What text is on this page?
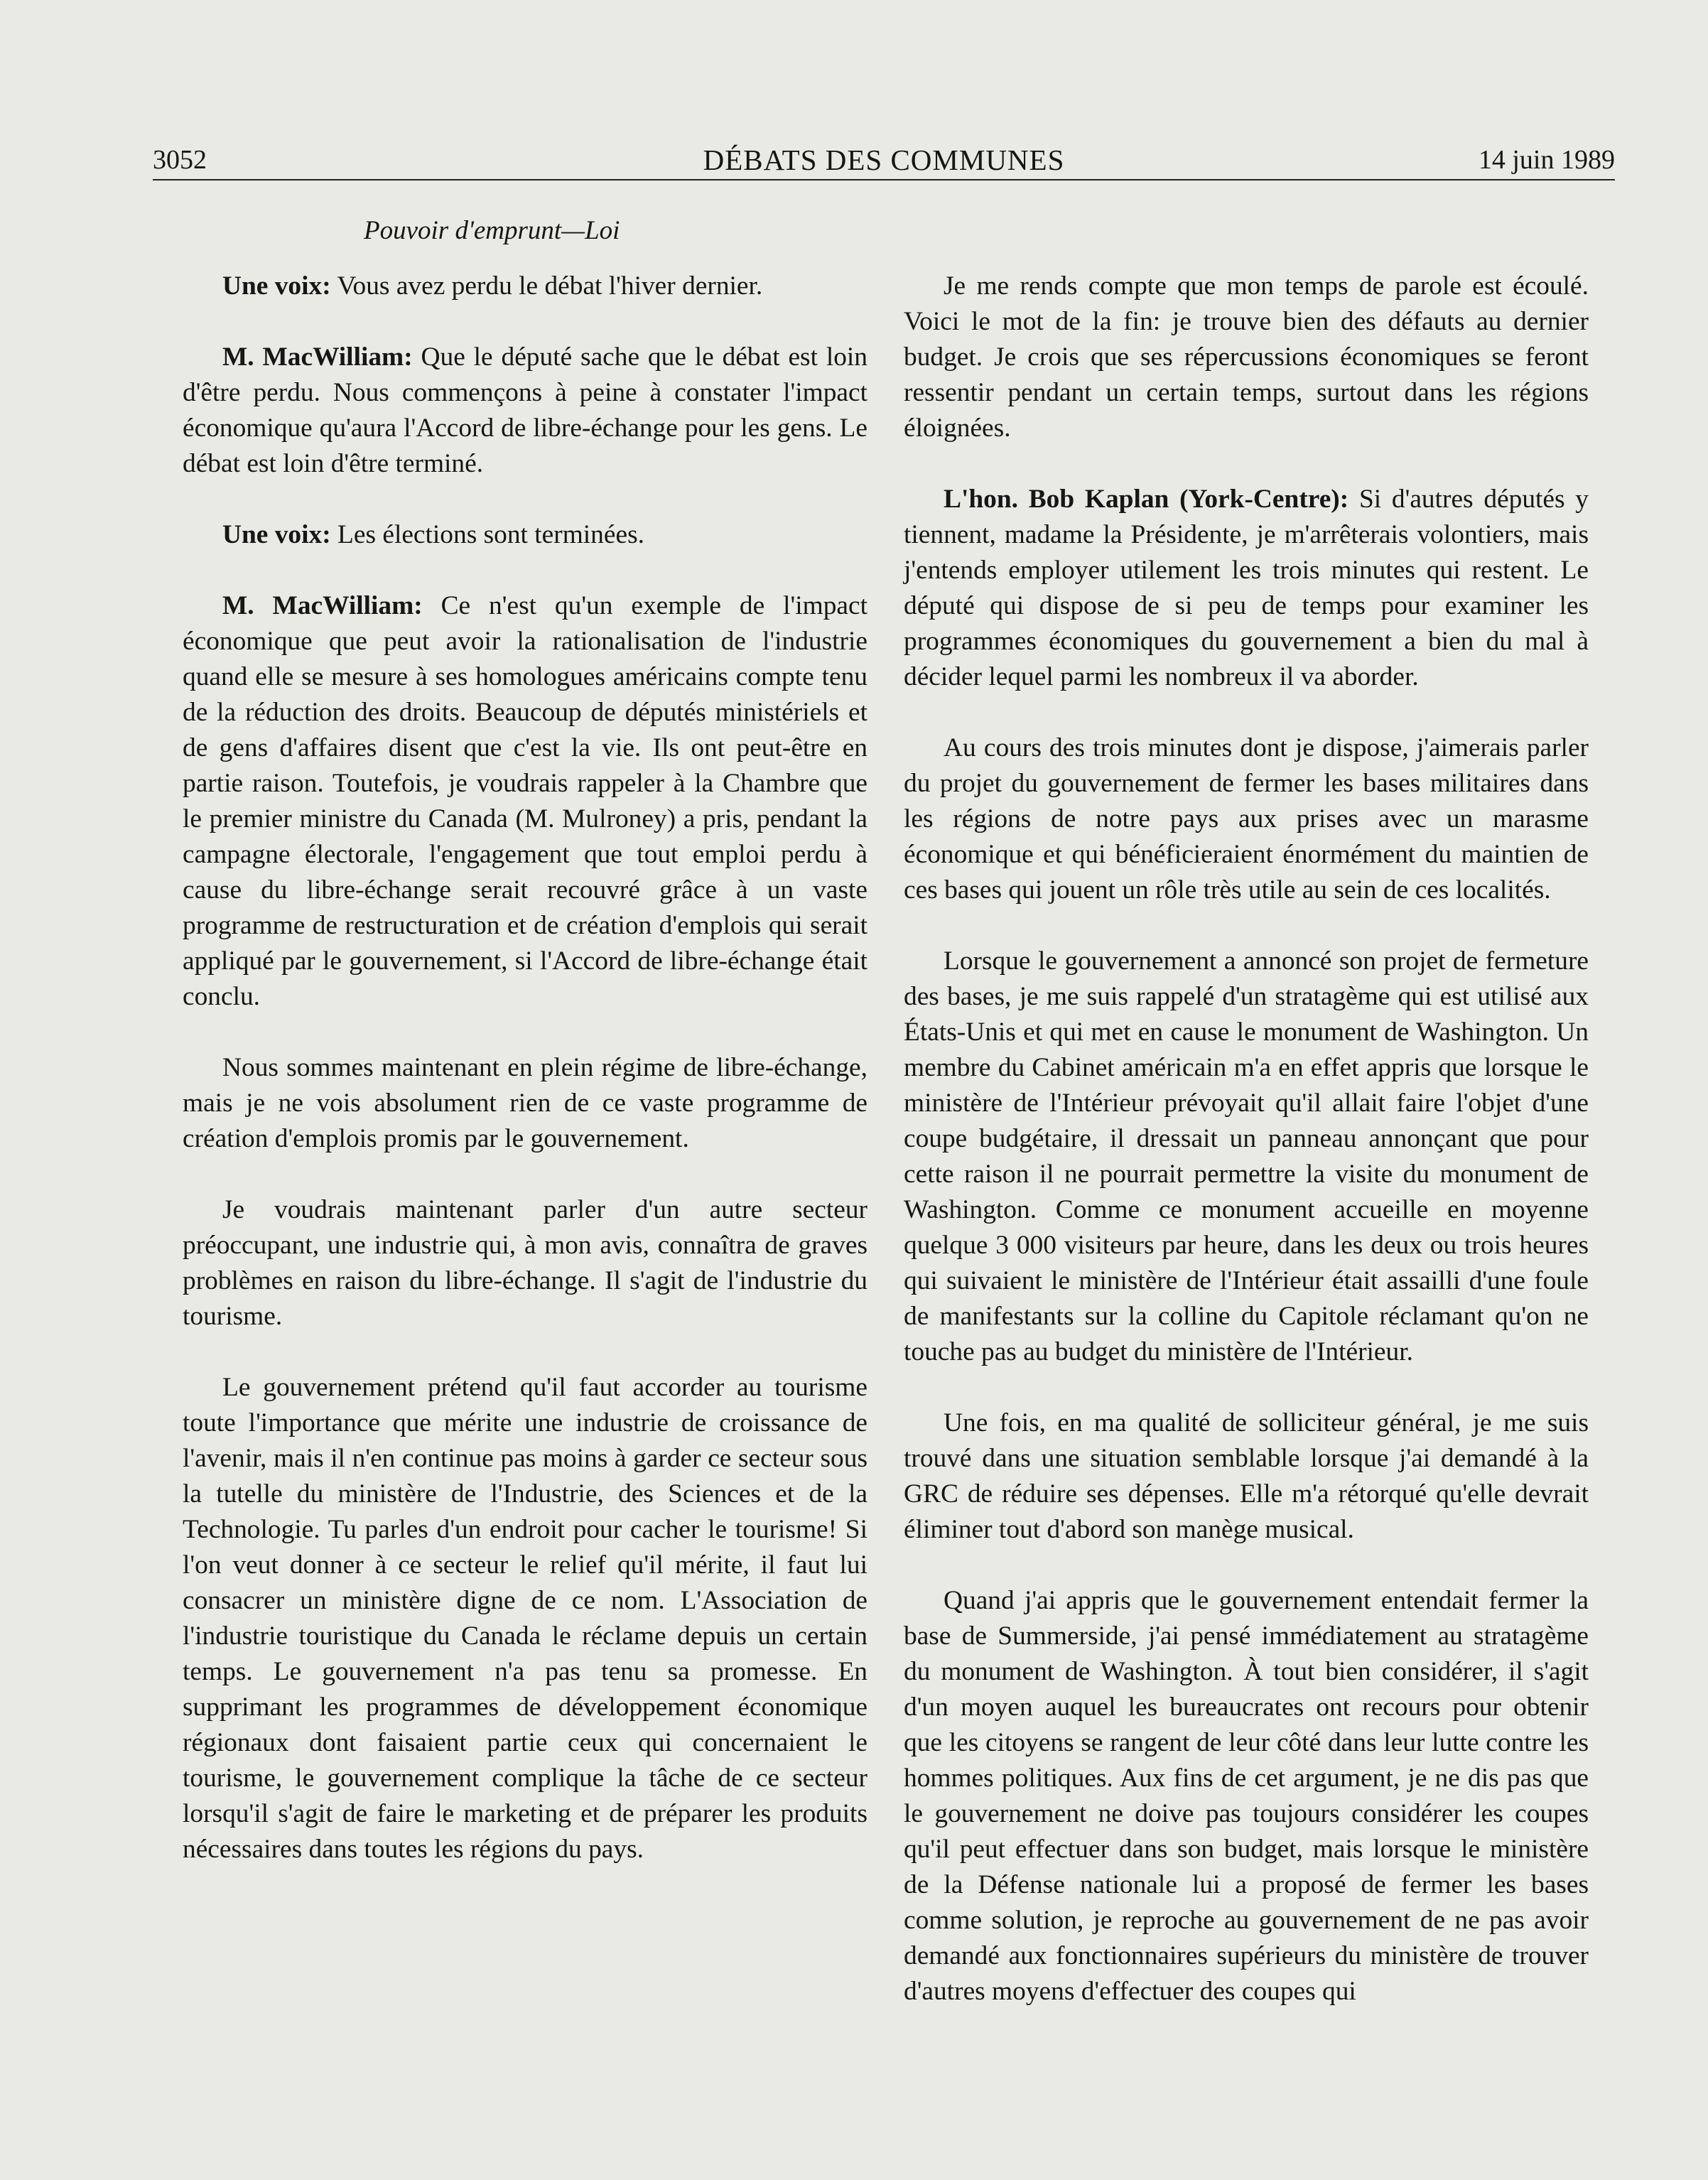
3052	DÉBATS DES COMMUNES	14 juin 1989
Pouvoir d'emprunt—Loi

Une voix: Vous avez perdu le débat l'hiver dernier.

M. MacWilliam: Que le député sache que le débat est loin d'être perdu. Nous commençons à peine à constater l'impact économique qu'aura l'Accord de libre-échange pour les gens. Le débat est loin d'être terminé.

Une voix: Les élections sont terminées.

M. MacWilliam: Ce n'est qu'un exemple de l'impact économique que peut avoir la rationalisation de l'industrie quand elle se mesure à ses homologues américains compte tenu de la réduction des droits. Beaucoup de députés ministériels et de gens d'affaires disent que c'est la vie. Ils ont peut-être en partie raison. Toutefois, je voudrais rappeler à la Chambre que le premier ministre du Canada (M. Mulroney) a pris, pendant la campagne électorale, l'engagement que tout emploi perdu à cause du libre-échange serait recouvré grâce à un vaste programme de restructuration et de création d'emplois qui serait appliqué par le gouvernement, si l'Accord de libre-échange était conclu.

Nous sommes maintenant en plein régime de libre-échange, mais je ne vois absolument rien de ce vaste programme de création d'emplois promis par le gouvernement.

Je voudrais maintenant parler d'un autre secteur préoccupant, une industrie qui, à mon avis, connaîtra de graves problèmes en raison du libre-échange. Il s'agit de l'industrie du tourisme.

Le gouvernement prétend qu'il faut accorder au tourisme toute l'importance que mérite une industrie de croissance de l'avenir, mais il n'en continue pas moins à garder ce secteur sous la tutelle du ministère de l'Industrie, des Sciences et de la Technologie. Tu parles d'un endroit pour cacher le tourisme! Si l'on veut donner à ce secteur le relief qu'il mérite, il faut lui consacrer un ministère digne de ce nom. L'Association de l'industrie touristique du Canada le réclame depuis un certain temps. Le gouvernement n'a pas tenu sa promesse. En supprimant les programmes de développement économique régionaux dont faisaient partie ceux qui concernaient le tourisme, le gouvernement complique la tâche de ce secteur lorsqu'il s'agit de faire le marketing et de préparer les produits nécessaires dans toutes les régions du pays.

Je me rends compte que mon temps de parole est écoulé. Voici le mot de la fin: je trouve bien des défauts au dernier budget. Je crois que ses répercussions économiques se feront ressentir pendant un certain temps, surtout dans les régions éloignées.

L'hon. Bob Kaplan (York-Centre): Si d'autres députés y tiennent, madame la Présidente, je m'arrêterais volontiers, mais j'entends employer utilement les trois minutes qui restent. Le député qui dispose de si peu de temps pour examiner les programmes économiques du gouvernement a bien du mal à décider lequel parmi les nombreux il va aborder.

Au cours des trois minutes dont je dispose, j'aimerais parler du projet du gouvernement de fermer les bases militaires dans les régions de notre pays aux prises avec un marasme économique et qui bénéficieraient énormément du maintien de ces bases qui jouent un rôle très utile au sein de ces localités.

Lorsque le gouvernement a annoncé son projet de fermeture des bases, je me suis rappelé d'un stratagème qui est utilisé aux États-Unis et qui met en cause le monument de Washington. Un membre du Cabinet américain m'a en effet appris que lorsque le ministère de l'Intérieur prévoyait qu'il allait faire l'objet d'une coupe budgétaire, il dressait un panneau annonçant que pour cette raison il ne pourrait permettre la visite du monument de Washington. Comme ce monument accueille en moyenne quelque 3 000 visiteurs par heure, dans les deux ou trois heures qui suivaient le ministère de l'Intérieur était assailli d'une foule de manifestants sur la colline du Capitole réclamant qu'on ne touche pas au budget du ministère de l'Intérieur.

Une fois, en ma qualité de solliciteur général, je me suis trouvé dans une situation semblable lorsque j'ai demandé à la GRC de réduire ses dépenses. Elle m'a rétorqué qu'elle devrait éliminer tout d'abord son manège musical.

Quand j'ai appris que le gouvernement entendait fermer la base de Summerside, j'ai pensé immédiatement au stratagème du monument de Washington. À tout bien considérer, il s'agit d'un moyen auquel les bureaucrates ont recours pour obtenir que les citoyens se rangent de leur côté dans leur lutte contre les hommes politiques. Aux fins de cet argument, je ne dis pas que le gouvernement ne doive pas toujours considérer les coupes qu'il peut effectuer dans son budget, mais lorsque le ministère de la Défense nationale lui a proposé de fermer les bases comme solution, je reproche au gouvernement de ne pas avoir demandé aux fonctionnaires supérieurs du ministère de trouver d'autres moyens d'effectuer des coupes qui
